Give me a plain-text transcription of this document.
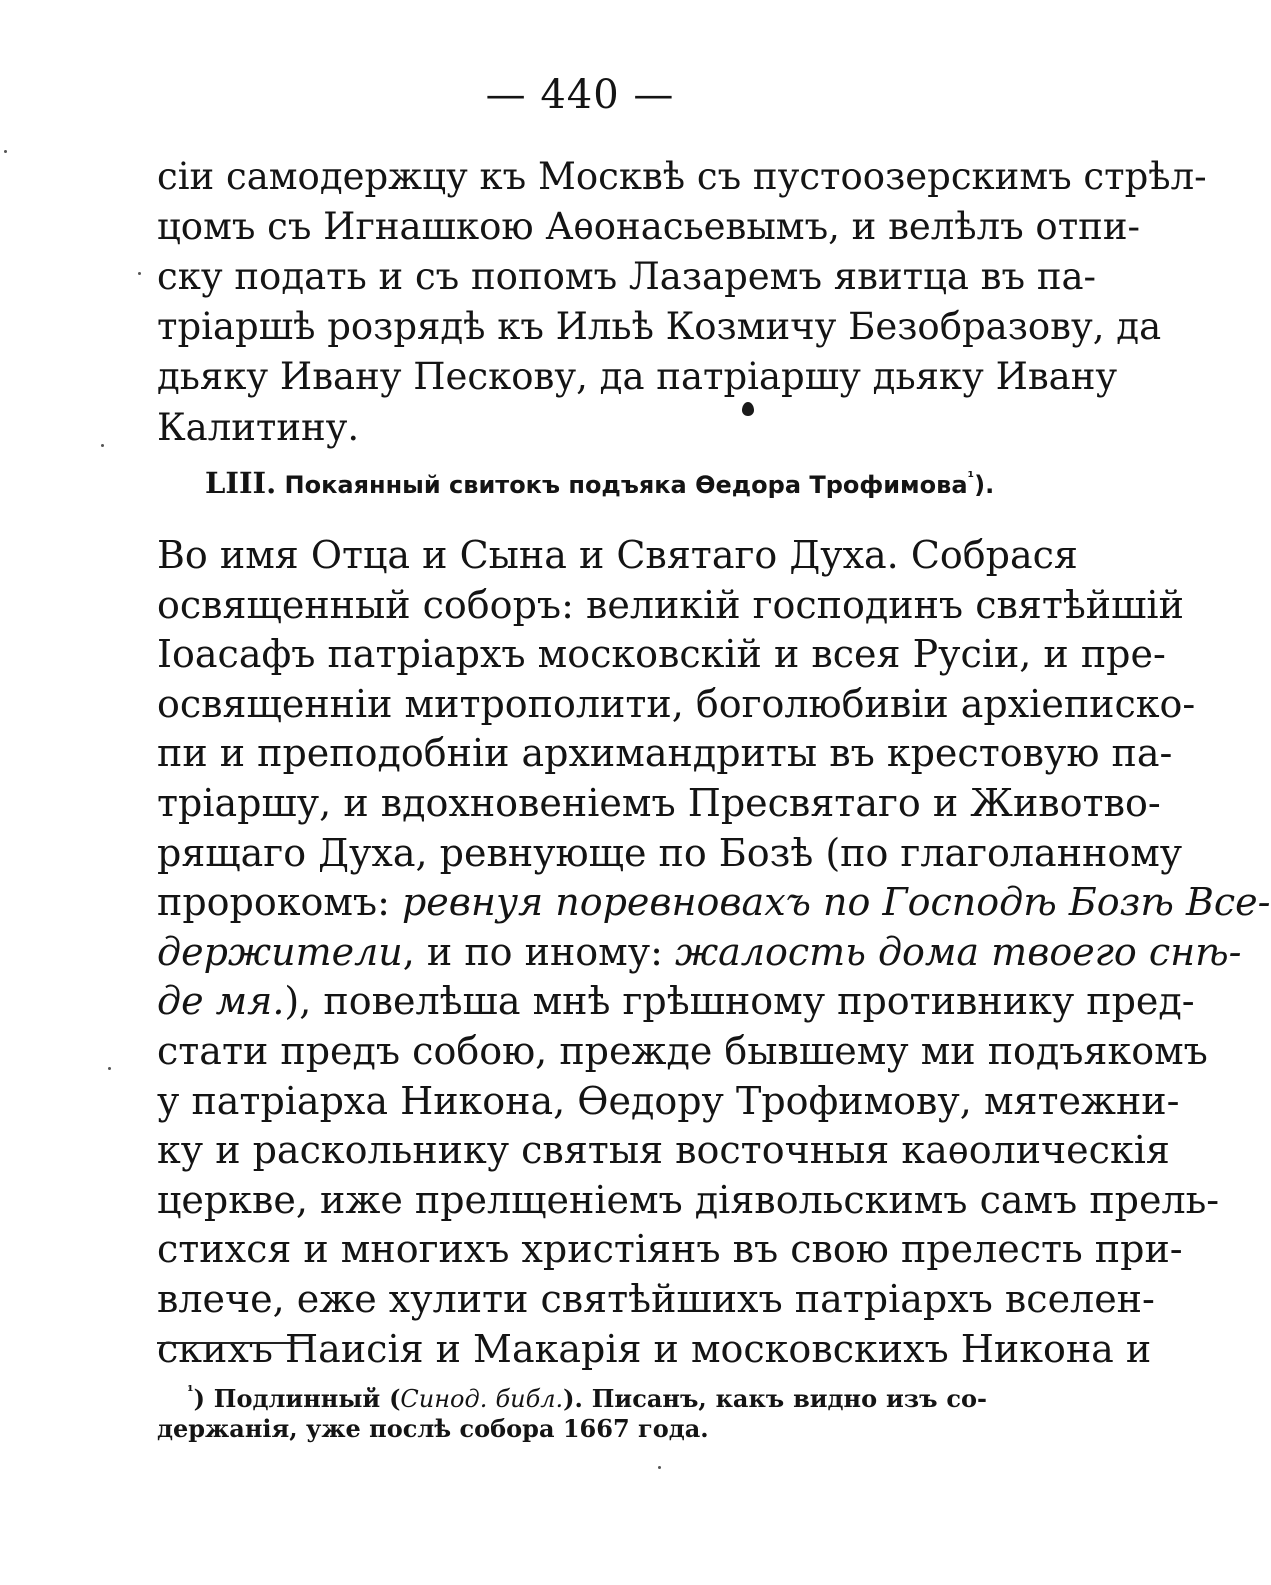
— 440 —
сіи самодержцу къ Москвѣ съ пустоозерскимъ стрѣл-
цомъ съ Игнашкою Аѳонасьевымъ, и велѣлъ отпи-
ску подать и съ попомъ Лазаремъ явитца въ па-
тріаршѣ розрядѣ къ Ильѣ Козмичу Безобразову, да
дьяку Ивану Пескову, да патріаршу дьяку Ивану
Калитину.
LIII. Покаянный свитокъ подъяка Ѳедора Трофимова$^{^1}$).
Во имя Отца и Сына и Святаго Духа. Собрася
освященный соборъ: великій господинъ святѣйшій
Іоасафъ патріархъ московскій и всея Русіи, и пре-
освященніи митрополити, боголюбивіи архіеписко-
пи и преподобніи архимандриты въ крестовую па-
тріаршу, и вдохновеніемъ Пресвятаго и Животво-
рящаго Духа, ревнующе по Бозѣ (по глаголанному
пророкомъ: ревнуя поревновахъ по Господѣ Бозѣ Все-
держители, и по иному: жалость дома твоего снѣ-
де мя.), повелѣша мнѣ грѣшному противнику пред-
стати предъ собою, прежде бывшему ми подъякомъ
у патріарха Никона, Ѳедору Трофимову, мятежни-
ку и раскольнику святыя восточныя каѳолическія
церкве, иже прелщеніемъ діявольскимъ самъ прель-
стихся и многихъ христіянъ въ свою прелесть при-
влече, еже хулити святѣйшихъ патріархъ вселен-
скихъ Паисія и Макарія и московскихъ Никона и
$^{^1}$) Подлинный (Синод. библ.). Писанъ, какъ видно изъ со-
держанія, уже послѣ собора 1667 года.
